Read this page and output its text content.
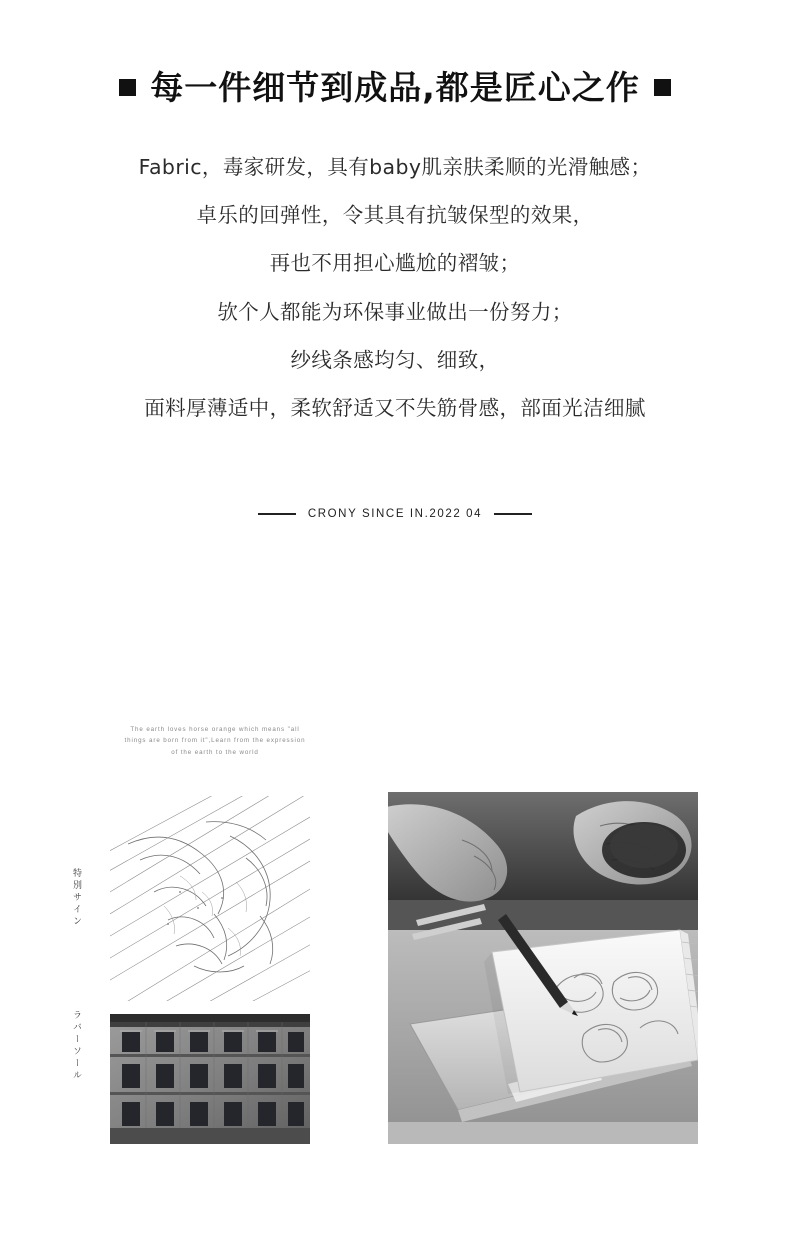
每一件细节到成品,都是匠心之作
Fabric，毒家研发，具有baby肌亲肤柔顺的光滑触感；
卓乐的回弹性，令其具有抗皱保型的效果，
再也不用担心尴尬的褶皱；
欤个人都能为环保事业做出一份努力；
纱线条感均匀、细致，
面料厚薄适中，柔软舒适又不失筋骨感，部面光洁细腻
CRONY SINCE IN.2022 04
The earth loves horse orange which means "all things are born from it",Learn from the expression of the earth to the world
特別サイン
ラバーソール
